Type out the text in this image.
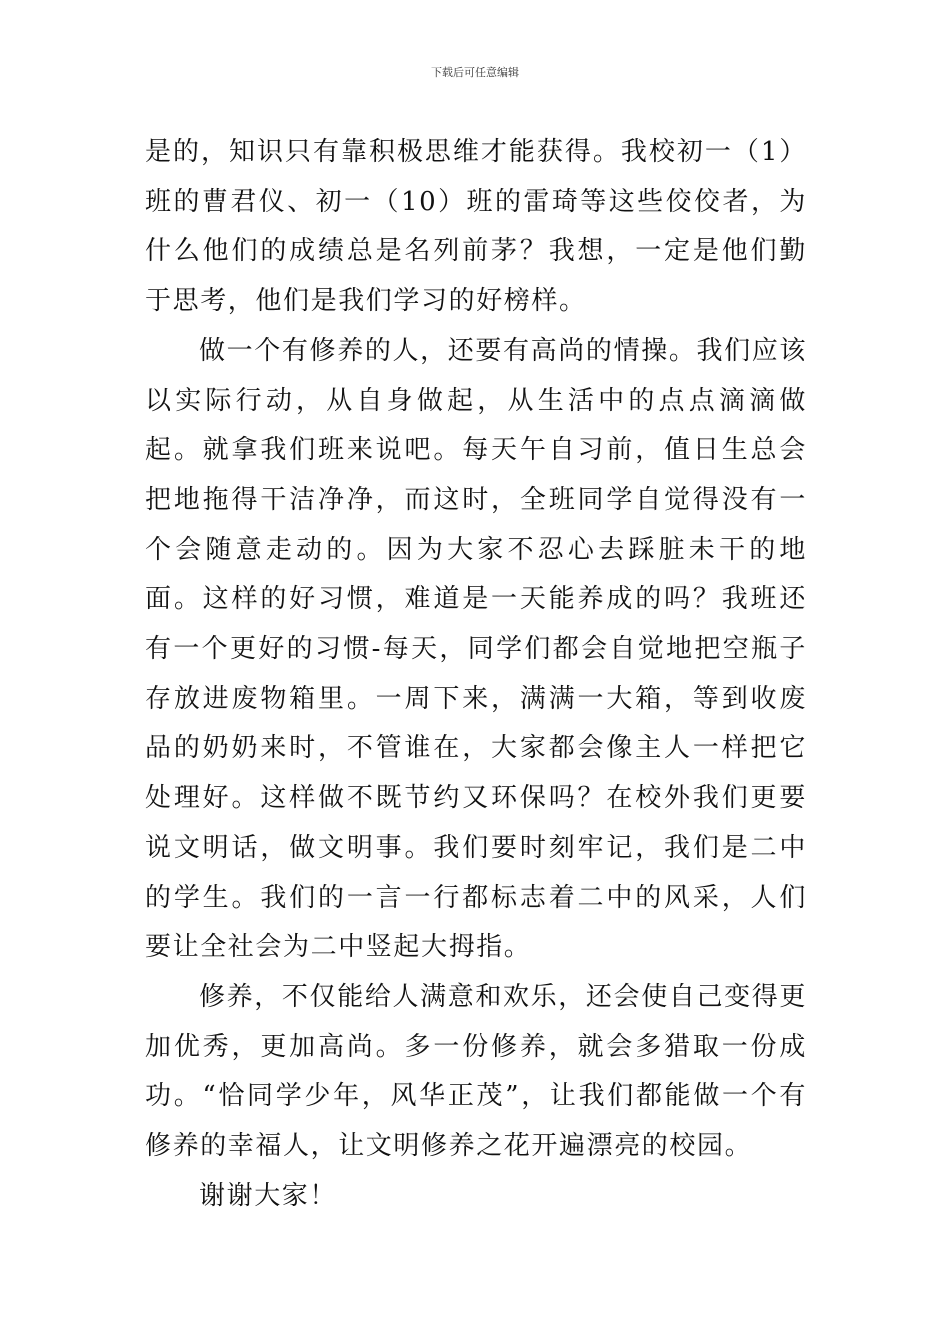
下载后可任意编辑

是的，知识只有靠积极思维才能获得。我校初一（1）班的曹君仪、初一（10）班的雷琦等这些佼佼者，为什么他们的成绩总是名列前茅？我想，一定是他们勤于思考，他们是我们学习的好榜样。

做一个有修养的人，还要有高尚的情操。我们应该以实际行动，从自身做起，从生活中的点点滴滴做起。就拿我们班来说吧。每天午自习前，值日生总会把地拖得干洁净净，而这时，全班同学自觉得没有一个会随意走动的。因为大家不忍心去踩脏未干的地面。这样的好习惯，难道是一天能养成的吗？我班还有一个更好的习惯-每天，同学们都会自觉地把空瓶子存放进废物箱里。一周下来，满满一大箱，等到收废品的奶奶来时，不管谁在，大家都会像主人一样把它处理好。这样做不既节约又环保吗？在校外我们更要说文明话，做文明事。我们要时刻牢记，我们是二中的学生。我们的一言一行都标志着二中的风采，人们要让全社会为二中竖起大拇指。

修养，不仅能给人满意和欢乐，还会使自己变得更加优秀，更加高尚。多一份修养，就会多猎取一份成功。“恰同学少年，风华正茂”，让我们都能做一个有修养的幸福人，让文明修养之花开遍漂亮的校园。

谢谢大家！
